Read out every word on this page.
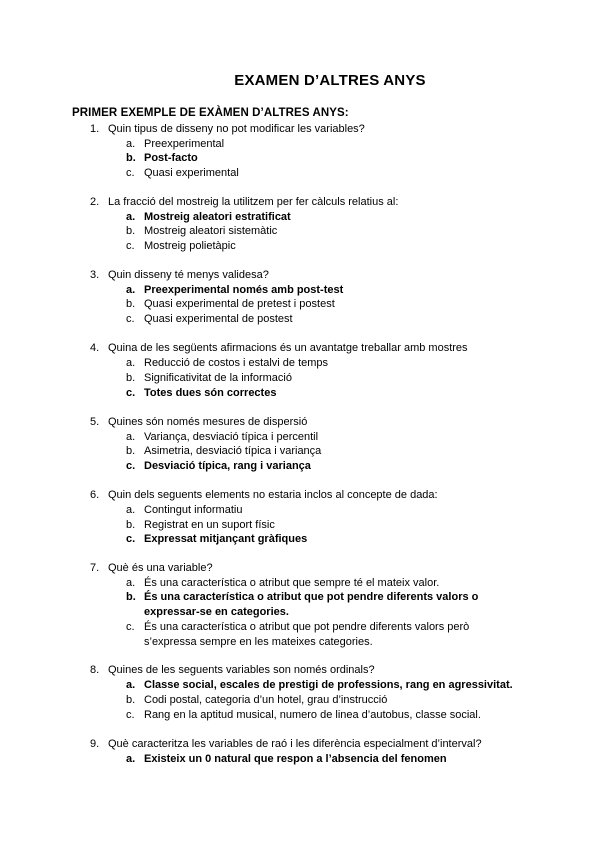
EXAMEN D’ALTRES ANYS
PRIMER EXEMPLE DE EXÀMEN D’ALTRES ANYS:
1. Quin tipus de disseny no pot modificar les variables?
a. Preexperimental
b. Post-facto
c. Quasi experimental
2. La fracció del mostreig la utilitzem per fer càlculs relatius al:
a. Mostreig aleatori estratificat
b. Mostreig aleatori sistemàtic
c. Mostreig polietàpic
3. Quin disseny té menys validesa?
a. Preexperimental només amb post-test
b. Quasi experimental de pretest i postest
c. Quasi experimental de postest
4. Quina de les següents afirmacions és un avantatge treballar amb mostres
a. Reducció de costos i estalvi de temps
b. Significativitat de la informació
c. Totes dues són correctes
5. Quines són només mesures de dispersió
a. Variança, desviació típica i percentil
b. Asimetria, desviació típica i variança
c. Desviació típica, rang i variança
6. Quin dels seguents elements no estaria inclos al concepte de dada:
a. Contingut informatiu
b. Registrat en un suport físic
c. Expressat mitjançant gràfiques
7. Què és una variable?
a. És una característica o atribut que sempre té el mateix valor.
b. És una característica o atribut que pot pendre diferents valors o expressar-se en categories.
c. És una característica o atribut que pot pendre diferents valors però s’expressa sempre en les mateixes categories.
8. Quines de les seguents variables son només ordinals?
a. Classe social, escales de prestigi de professions, rang en agressivitat.
b. Codi postal, categoria d’un hotel, grau d’instrucció
c. Rang en la aptitud musical, numero de linea d’autobus, classe social.
9. Què caracteritza les variables de raó i les diferència especialment d’interval?
a. Existeix un 0 natural que respon a l’absencia del fenomen
